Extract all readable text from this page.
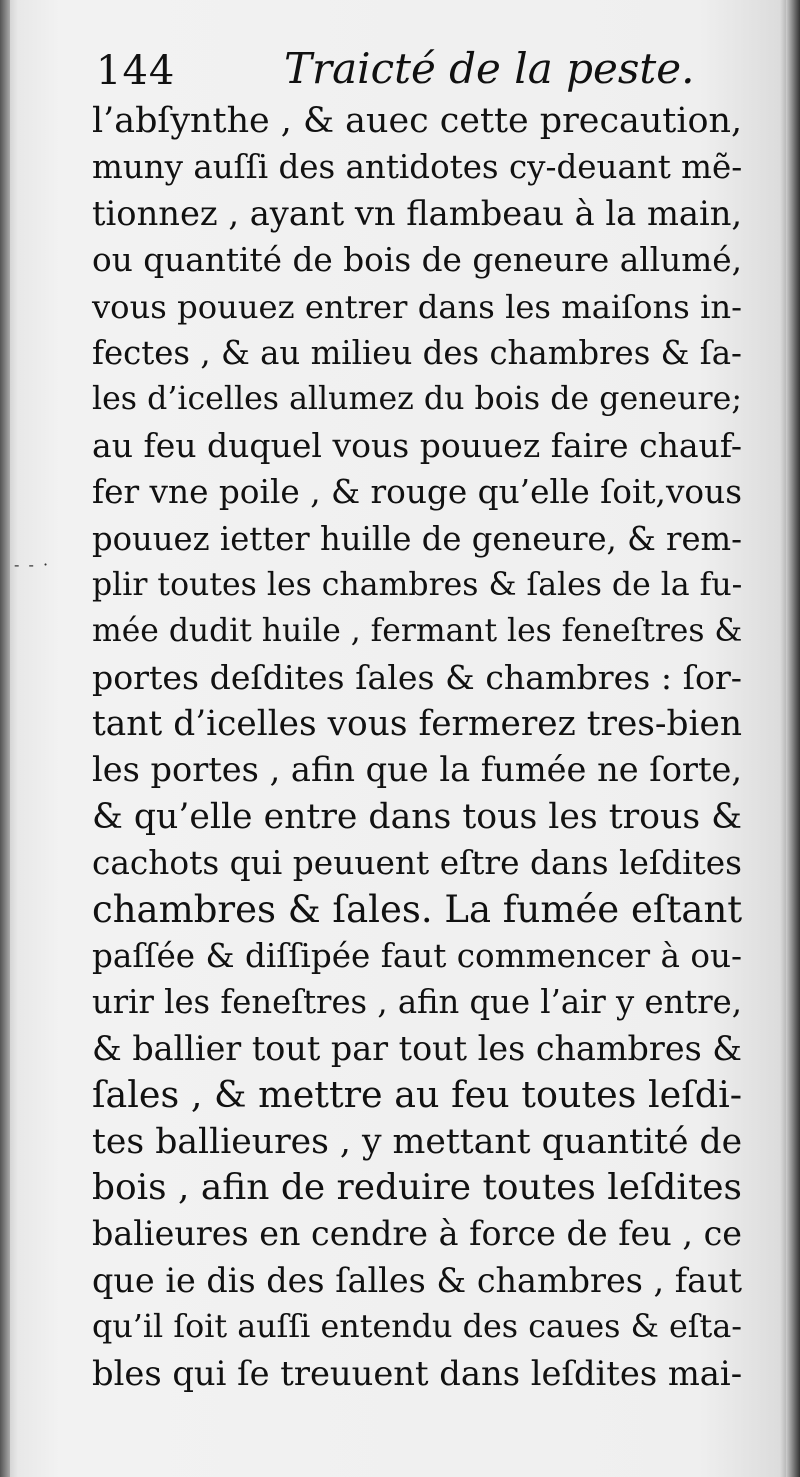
144	Traicté de la peste.
- - ·
l’abſynthe , & auec cette precaution,
muny auſſi des antidotes cy-deuant mẽ-
tionnez , ayant vn flambeau à la main,
ou quantité de bois de geneure allumé,
vous pouuez entrer dans les maiſons in-
fectes , & au milieu des chambres & ſa-
les d’icelles allumez du bois de geneure;
au feu duquel vous pouuez faire chauf-
fer vne poile , & rouge qu’elle ſoit,vous
pouuez ietter huille de geneure, & rem-
plir toutes les chambres & ſales de la fu-
mée dudit huile , fermant les feneſtres &
portes deſdites ſales & chambres : ſor-
tant d’icelles vous fermerez tres-bien
les portes , afin que la fumée ne ſorte,
& qu’elle entre dans tous les trous &
cachots qui peuuent eſtre dans leſdites
chambres & ſales. La fumée eſtant
paſſée & diſſipée faut commencer à ou-
urir les feneſtres , afin que l’air y entre,
& ballier tout par tout les chambres &
ſales , & mettre au feu toutes leſdi-
tes ballieures , y mettant quantité de
bois , afin de reduire toutes leſdites
balieures en cendre à force de feu , ce
que ie dis des ſalles & chambres , faut
qu’il ſoit auſſi entendu des caues & eſta-
bles qui ſe treuuent dans leſdites mai-
